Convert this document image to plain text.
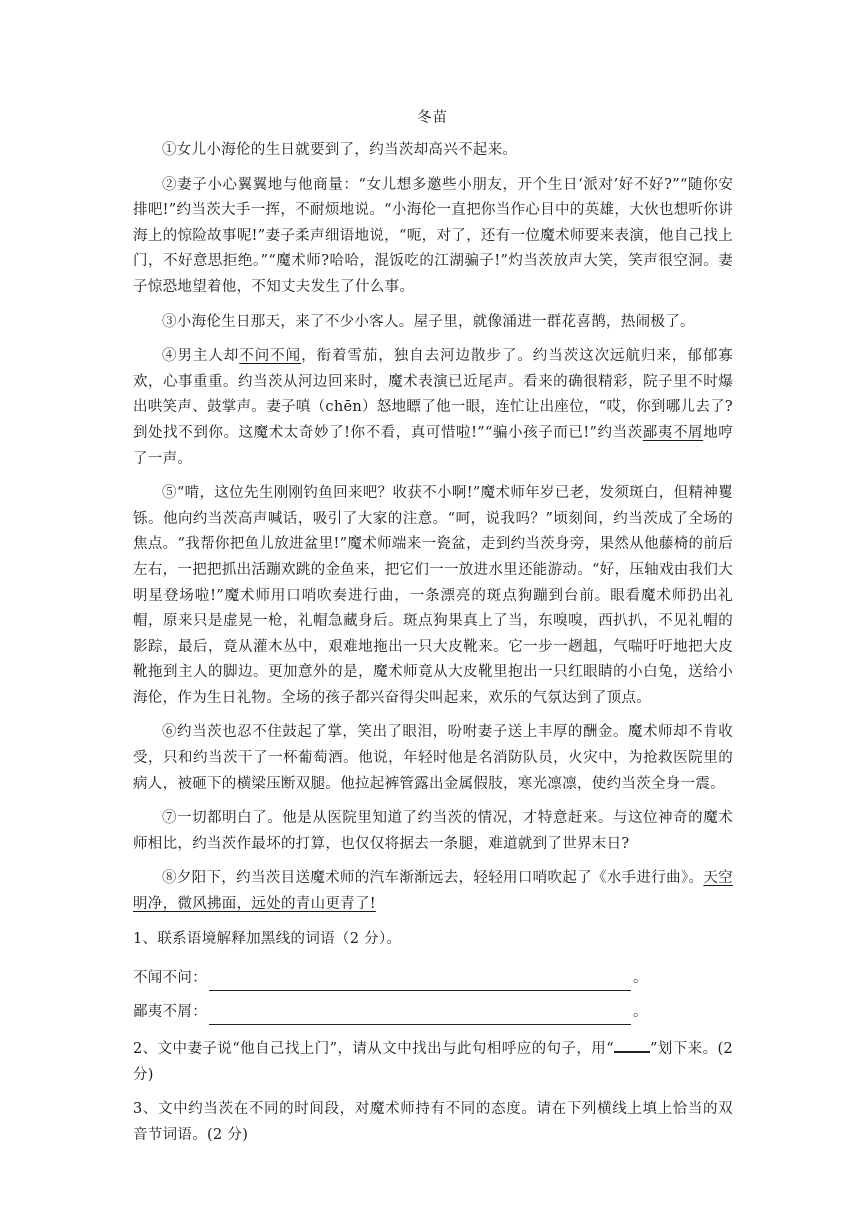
冬苗

①女儿小海伦的生日就要到了，约当茨却高兴不起来。

②妻子小心翼翼地与他商量：“女儿想多邀些小朋友，开个生日‘派对’好不好?”“随你安排吧!”约当茨大手一挥，不耐烦地说。“小海伦一直把你当作心目中的英雄，大伙也想听你讲海上的惊险故事呢!”妻子柔声细语地说，“呃，对了，还有一位魔术师要来表演，他自己找上门，不好意思拒绝。”“魔术师?哈哈，混饭吃的江湖骗子!”灼当茨放声大笑，笑声很空洞。妻子惊恐地望着他，不知丈夫发生了什么事。

③小海伦生日那天，来了不少小客人。屋子里，就像涌进一群花喜鹊，热闹极了。

④男主人却不问不闻，衔着雪茄，独自去河边散步了。约当茨这次远航归来，郁郁寡欢，心事重重。约当茨从河边回来时，魔术表演已近尾声。看来的确很精彩，院子里不时爆出哄笑声、鼓掌声。妻子嗔（chēn）怒地瞟了他一眼，连忙让出座位，“哎，你到哪儿去了?到处找不到你。这魔术太奇妙了!你不看，真可惜啦!”“骗小孩子而已!”约当茨鄙夷不屑地哼了一声。

⑤“啃，这位先生刚刚钓鱼回来吧？收获不小啊!”魔术师年岁已老，发须斑白，但精神矍铄。他向约当茨高声喊话，吸引了大家的注意。“呵，说我吗？”顷刻间，约当茨成了全场的焦点。“我帮你把鱼儿放进盆里!”魔术师端来一瓷盆，走到约当茨身旁，果然从他藤椅的前后左右，一把把抓出活蹦欢跳的金鱼来，把它们一一放进水里还能游动。“好，压轴戏由我们大明星登场啦!”魔术师用口哨吹奏进行曲，一条漂亮的斑点狗蹦到台前。眼看魔术师扔出礼帽，原来只是虚晃一枪，礼帽急藏身后。斑点狗果真上了当，东嗅嗅，西扒扒，不见礼帽的影踪，最后，竟从灌木丛中，艰难地拖出一只大皮靴来。它一步一趔趄，气喘吁吁地把大皮靴拖到主人的脚边。更加意外的是，魔术师竟从大皮靴里抱出一只红眼睛的小白兔，送给小海伦，作为生日礼物。全场的孩子都兴奋得尖叫起来，欢乐的气氛达到了顶点。

⑥约当茨也忍不住鼓起了掌，笑出了眼泪，吩咐妻子送上丰厚的酬金。魔术师却不肯收受，只和约当茨干了一杯葡萄酒。他说，年轻时他是名消防队员，火灾中，为抢救医院里的病人，被砸下的横梁压断双腿。他拉起裤管露出金属假肢，寒光凛凛，使约当茨全身一震。

⑦一切都明白了。他是从医院里知道了约当茨的情况，才特意赶来。与这位神奇的魔术师相比，约当茨作最坏的打算，也仅仅将据去一条腿，难道就到了世界末日?

⑧夕阳下，约当茨目送魔术师的汽车渐渐远去，轻轻用口哨吹起了《水手进行曲》。天空明净，微风拂面，远处的青山更青了!

1、联系语境解释加黑线的词语（2 分）。

不闻不问：	。
鄙夷不屑：	。

2、文中妻子说“他自己找上门”，请从文中找出与此句相呼应的句子，用“ ”划下来。(2 分)

3、文中约当茨在不同的时间段，对魔术师持有不同的态度。请在下列横线上填上恰当的双音节词语。(2 分)
